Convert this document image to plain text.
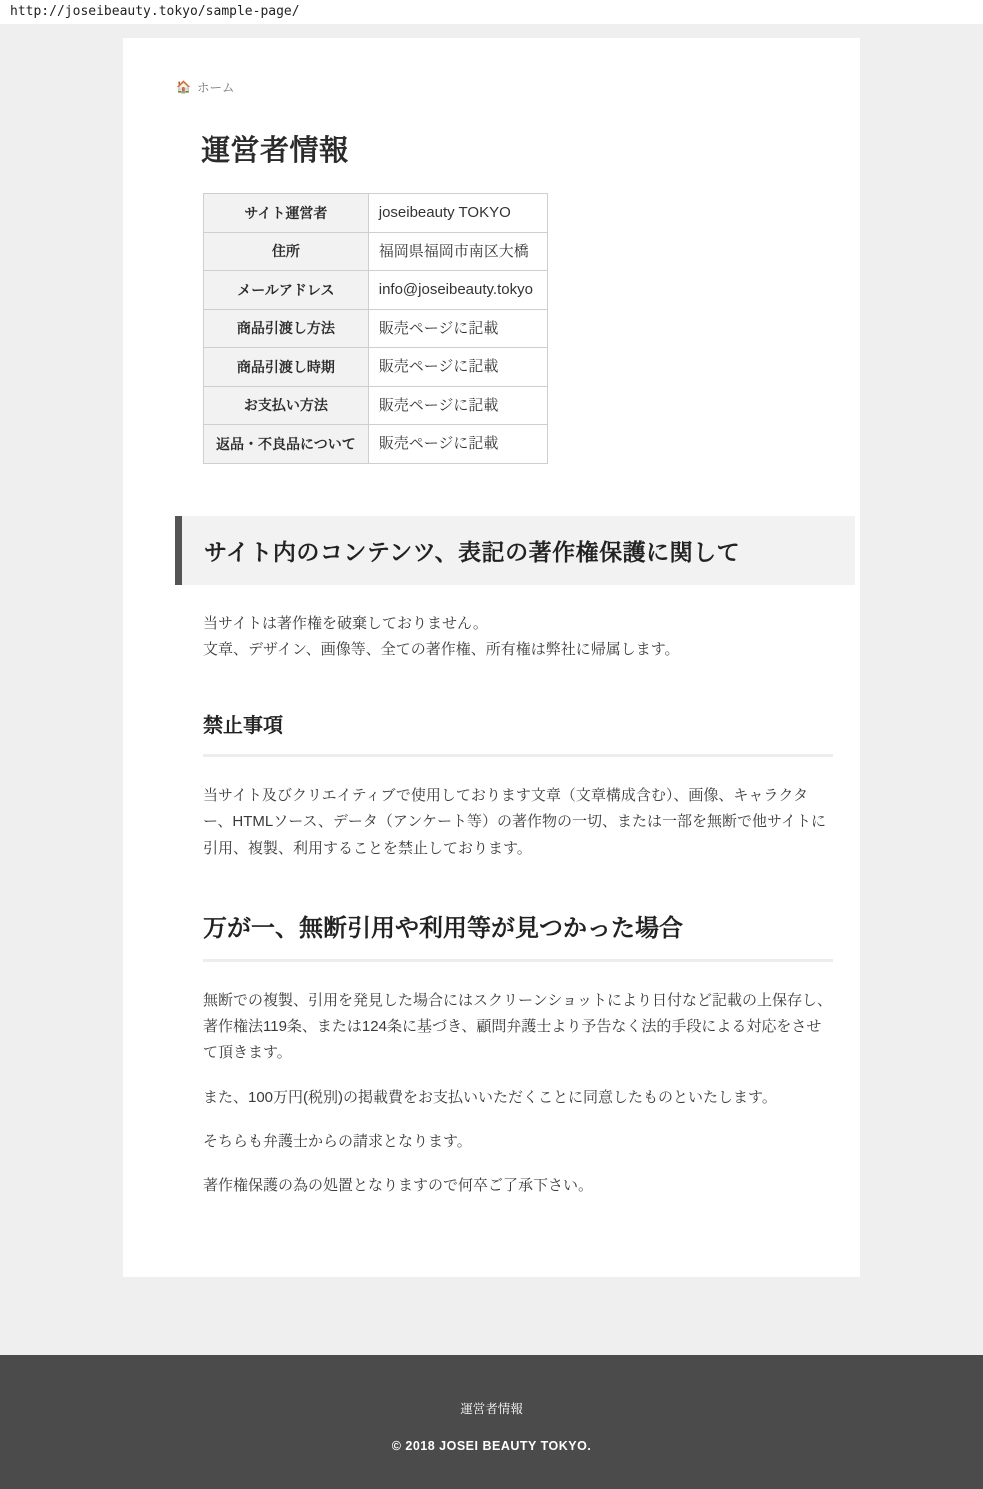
http://joseibeauty.tokyo/sample-page/
🏠 ホーム
運営者情報
サイト運営者	joseibeauty TOKYO
住所	福岡県福岡市南区大橋
メールアドレス	info@joseibeauty.tokyo
商品引渡し方法	販売ページに記載
商品引渡し時期	販売ページに記載
お支払い方法	販売ページに記載
返品・不良品について	販売ページに記載
サイト内のコンテンツ、表記の著作権保護に関して

当サイトは著作権を破棄しておりません。
文章、デザイン、画像等、全ての著作権、所有権は弊社に帰属します。

禁止事項

当サイト及びクリエイティブで使用しております文章（文章構成含む）、画像、キャラクター、HTMLソース、データ（アンケート等）の著作物の一切、または一部を無断で他サイトに引用、複製、利用することを禁止しております。

万が一、無断引用や利用等が見つかった場合

無断での複製、引用を発見した場合にはスクリーンショットにより日付など記載の上保存し、著作権法119条、または124条に基づき、顧問弁護士より予告なく法的手段による対応をさせて頂きます。

また、100万円(税別)の掲載費をお支払いいただくことに同意したものといたします。

そちらも弁護士からの請求となります。

著作権保護の為の処置となりますので何卒ご了承下さい。

運営者情報
© 2018 JOSEI BEAUTY TOKYO.
